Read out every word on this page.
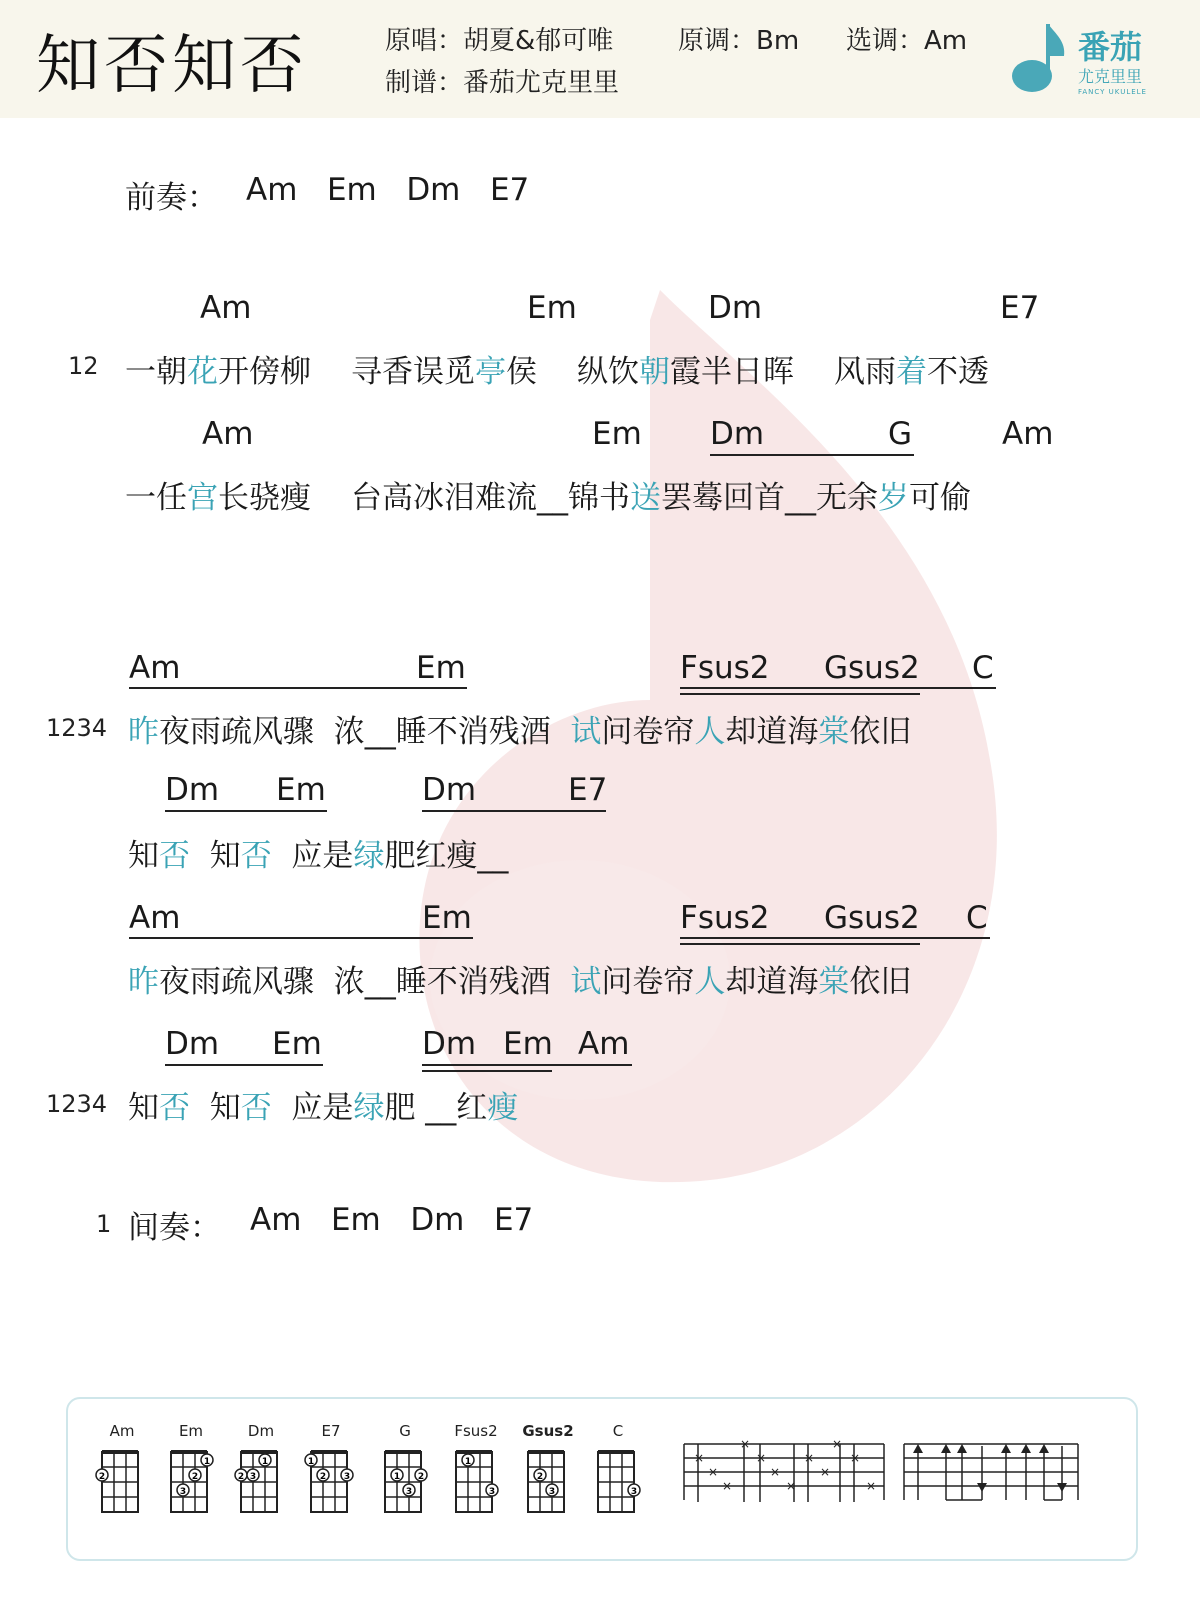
知否知否	原唱：胡夏&郁可唯 原调：Bm 选调：Am
制谱：番茄尤克里里
番茄
尤克里里
FANCY UKULELE
前奏： Am   Em   Dm   E7
Am	Em	Dm	E7
12 一朝花开傍柳 寻香误觅亭侯 纵饮朝霞半日晖 风雨着不透
Am	Em Dm	G	Am
一任宫长骁瘦 台高冰泪难流__锦书送罢蓦回首__无余岁可偷
Am	Em	Fsus2 Gsus2 C
1234 昨夜雨疏风骤  浓__睡不消残酒  试问卷帘人却道海棠依旧
Dm Em	Dm	E7
知否  知否  应是绿肥红瘦__
Am	Em	Fsus2 Gsus2 C
昨夜雨疏风骤  浓__睡不消残酒  试问卷帘人却道海棠依旧
Dm Em	Dm Em Am
1234 知否  知否  应是绿肥 __红瘦
1 间奏： Am   Em   Dm   E7
Am
2
Em
1
2
3
Dm
2 3
1
E7
1
2 3
G
1 2
3
Fsus2
1
3
Gsus2
2
3
C
3
×	×
×	×	×	×
×	×	×
×	×	×
